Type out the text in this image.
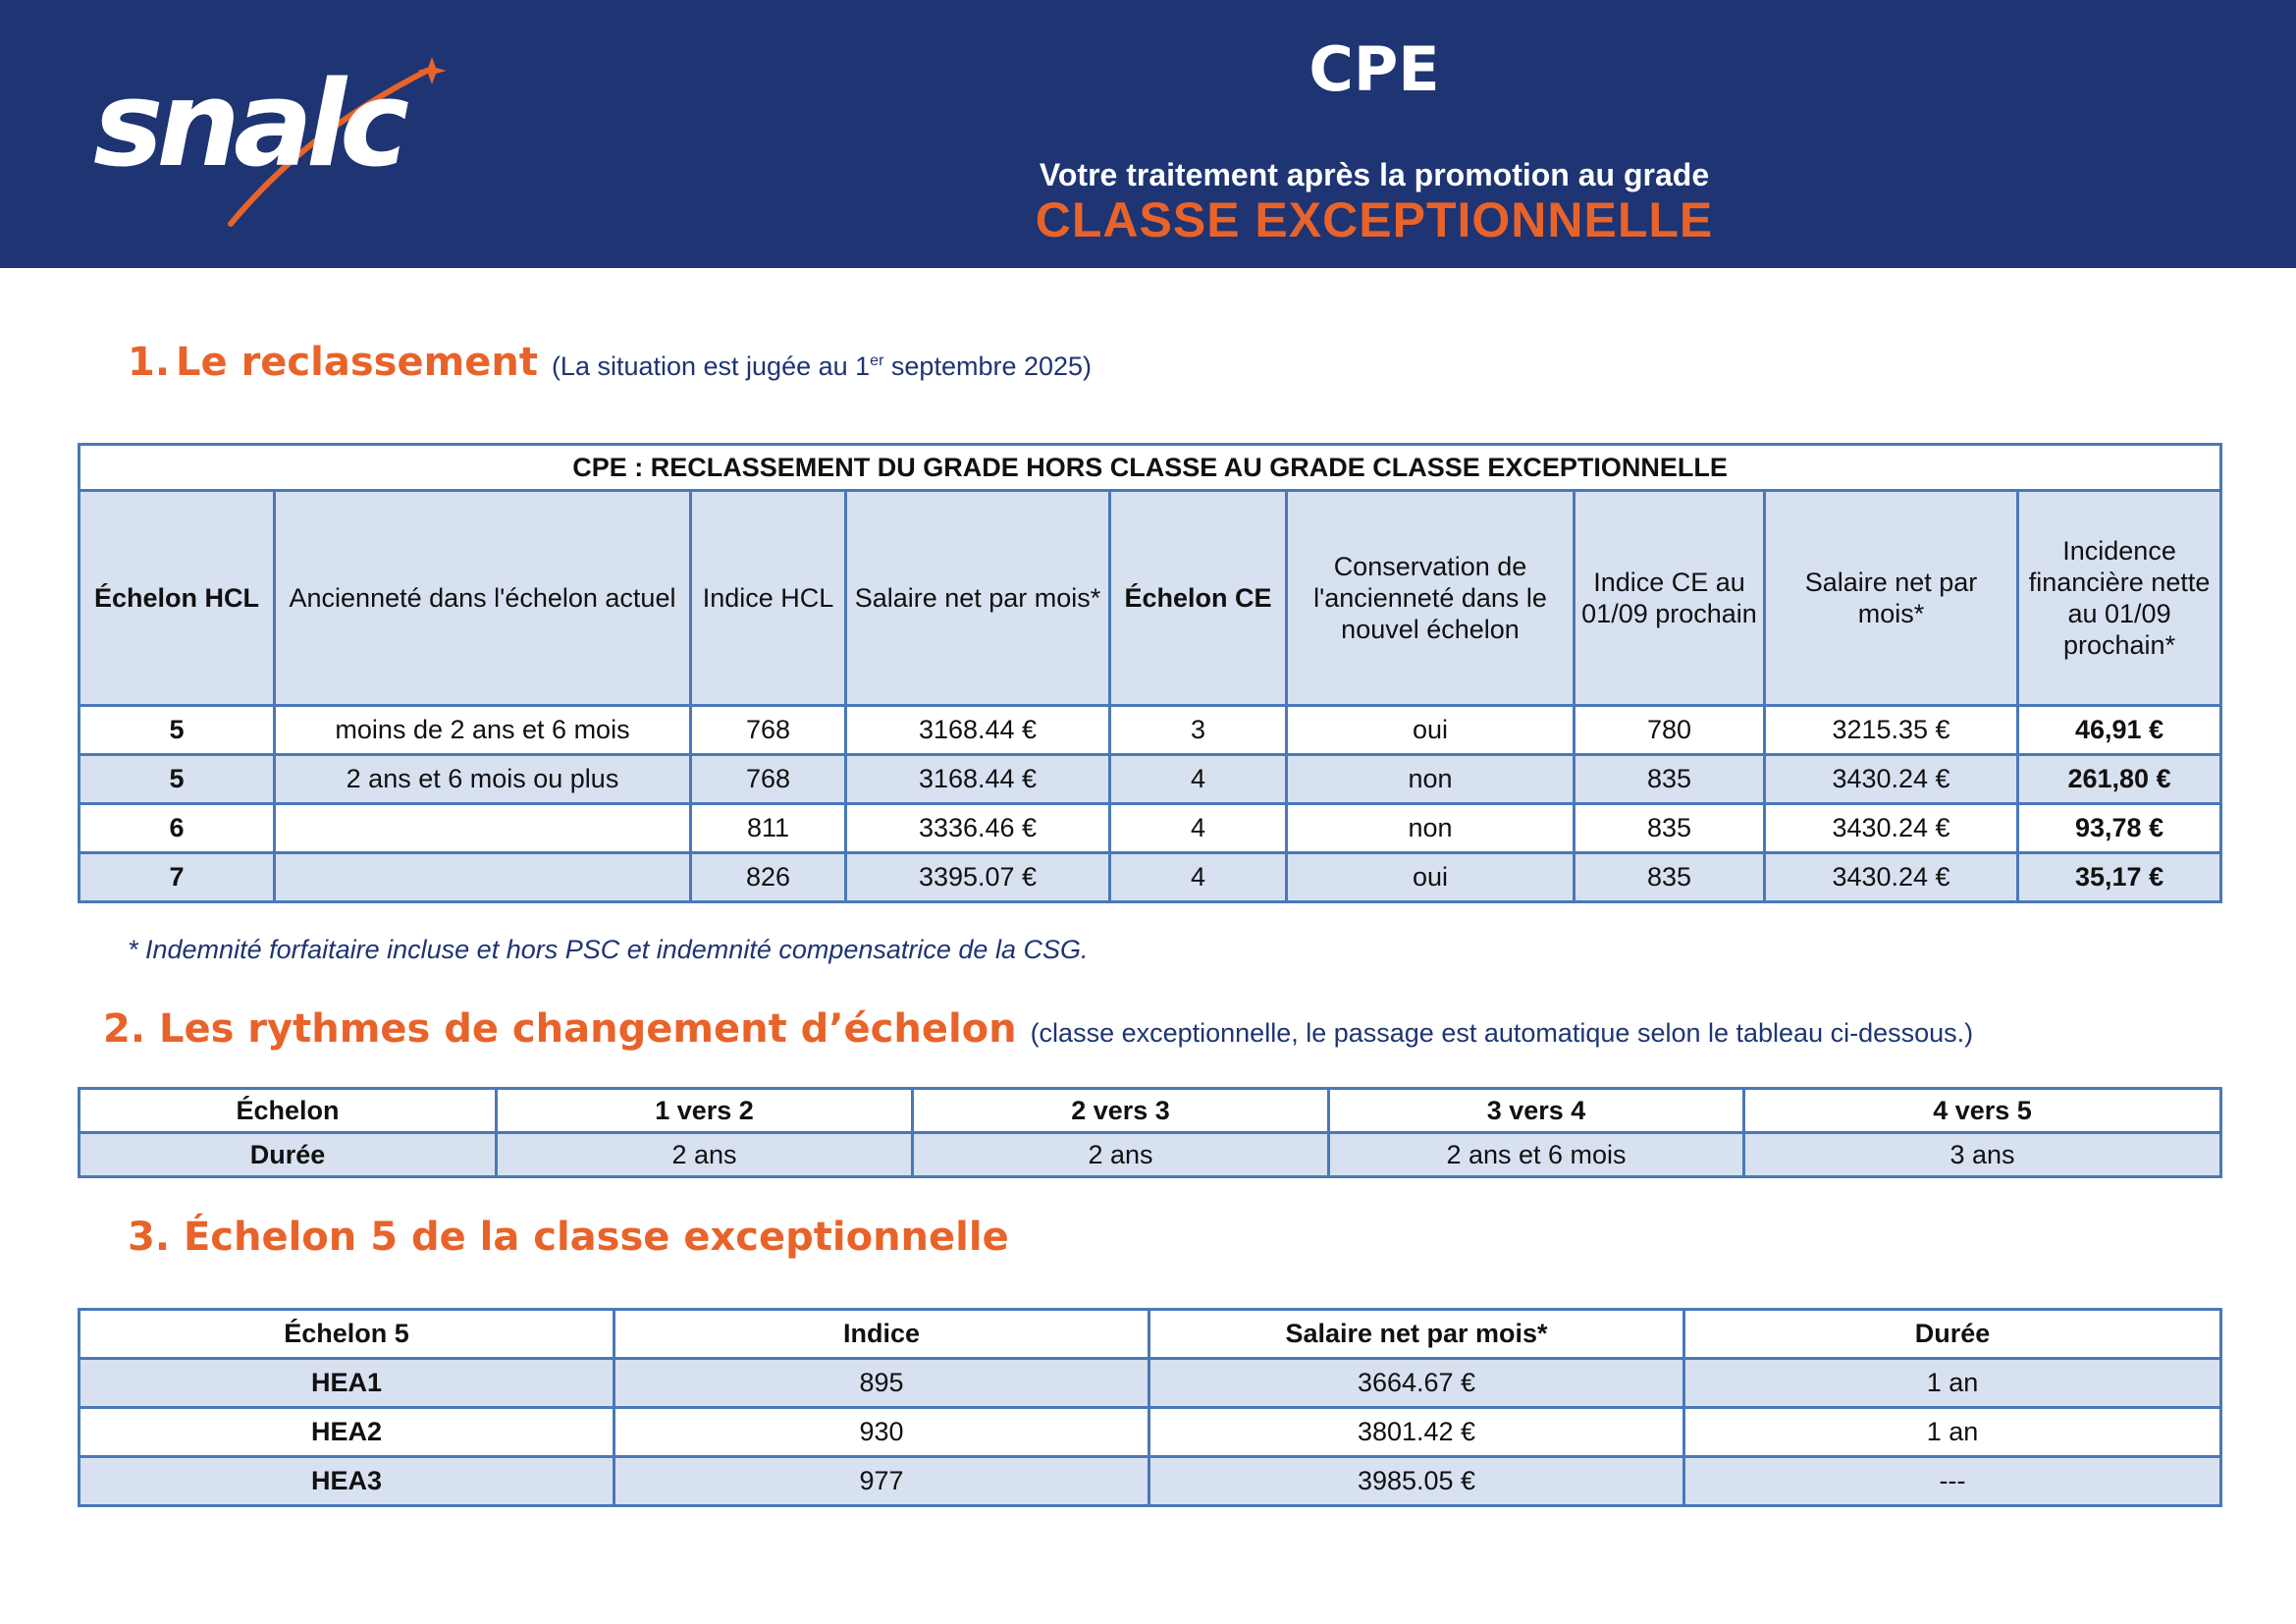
snalc	CPE
Votre traitement après la promotion au grade
CLASSE EXCEPTIONNELLE
1. Le reclassement (La situation est jugée au 1er septembre 2025)
CPE : RECLASSEMENT DU GRADE HORS CLASSE AU GRADE CLASSE EXCEPTIONNELLE								
Échelon HCL	Ancienneté dans l'échelon actuel	Indice HCL	Salaire net par mois*	Échelon CE	Conservation de l'ancienneté dans le nouvel échelon	Indice CE au 01/09 prochain	Salaire net par mois*	Incidence financière nette au 01/09 prochain*
5	moins de 2 ans et 6 mois	768	3168.44 €	3	oui	780	3215.35 €	46,91 €
5	2 ans et 6 mois ou plus	768	3168.44 €	4	non	835	3430.24 €	261,80 €
6		811	3336.46 €	4	non	835	3430.24 €	93,78 €
7		826	3395.07 €	4	oui	835	3430.24 €	35,17 €
* Indemnité forfaitaire incluse et hors PSC et indemnité compensatrice de la CSG.
2. Les rythmes de changement d’échelon (classe exceptionnelle, le passage est automatique selon le tableau ci-dessous.)
Échelon	1 vers 2	2 vers 3	3 vers 4	4 vers 5
Durée	2 ans	2 ans	2 ans et 6 mois	3 ans
3. Échelon 5 de la classe exceptionnelle
Échelon 5	Indice	Salaire net par mois*	Durée
HEA1	895	3664.67 €	1 an
HEA2	930	3801.42 €	1 an
HEA3	977	3985.05 €	---
